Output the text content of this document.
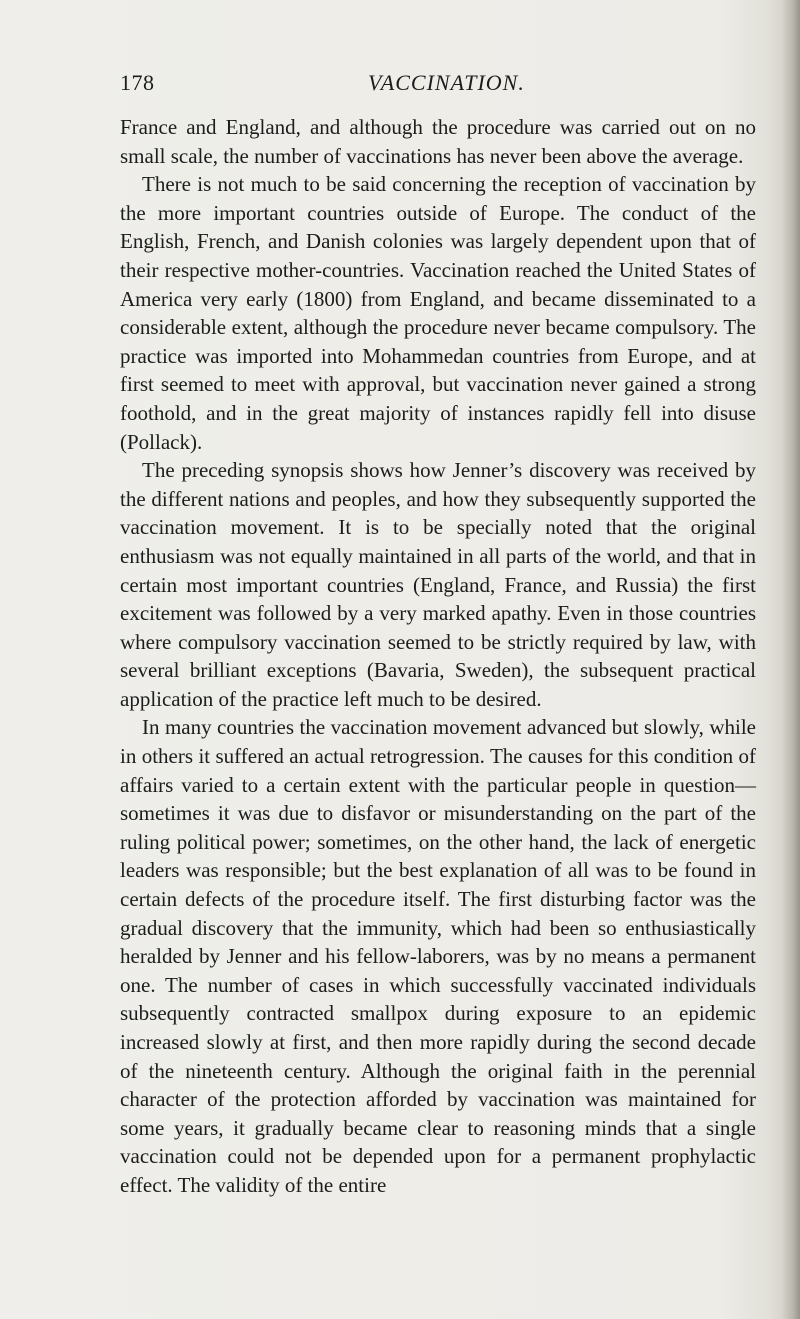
178	VACCINATION.

France and England, and although the procedure was carried out on no small scale, the number of vaccinations has never been above the average.

There is not much to be said concerning the reception of vaccination by the more important countries outside of Europe. The conduct of the English, French, and Danish colonies was largely dependent upon that of their respective mother-countries. Vaccination reached the United States of America very early (1800) from England, and became disseminated to a considerable extent, although the procedure never became compulsory. The practice was imported into Mohammedan countries from Europe, and at first seemed to meet with approval, but vaccination never gained a strong foothold, and in the great majority of instances rapidly fell into disuse (Pollack).

The preceding synopsis shows how Jenner’s discovery was received by the different nations and peoples, and how they subsequently supported the vaccination movement. It is to be specially noted that the original enthusiasm was not equally maintained in all parts of the world, and that in certain most important countries (England, France, and Russia) the first excitement was followed by a very marked apathy. Even in those countries where compulsory vaccination seemed to be strictly required by law, with several brilliant exceptions (Bavaria, Sweden), the subsequent practical application of the practice left much to be desired.

In many countries the vaccination movement advanced but slowly, while in others it suffered an actual retrogression. The causes for this condition of affairs varied to a certain extent with the particular people in question—sometimes it was due to disfavor or misunderstanding on the part of the ruling political power; sometimes, on the other hand, the lack of energetic leaders was responsible; but the best explanation of all was to be found in certain defects of the procedure itself. The first disturbing factor was the gradual discovery that the immunity, which had been so enthusiastically heralded by Jenner and his fellow-laborers, was by no means a permanent one. The number of cases in which successfully vaccinated individuals subsequently contracted smallpox during exposure to an epidemic increased slowly at first, and then more rapidly during the second decade of the nineteenth century. Although the original faith in the perennial character of the protection afforded by vaccination was maintained for some years, it gradually became clear to reasoning minds that a single vaccination could not be depended upon for a permanent prophylactic effect. The validity of the entire
